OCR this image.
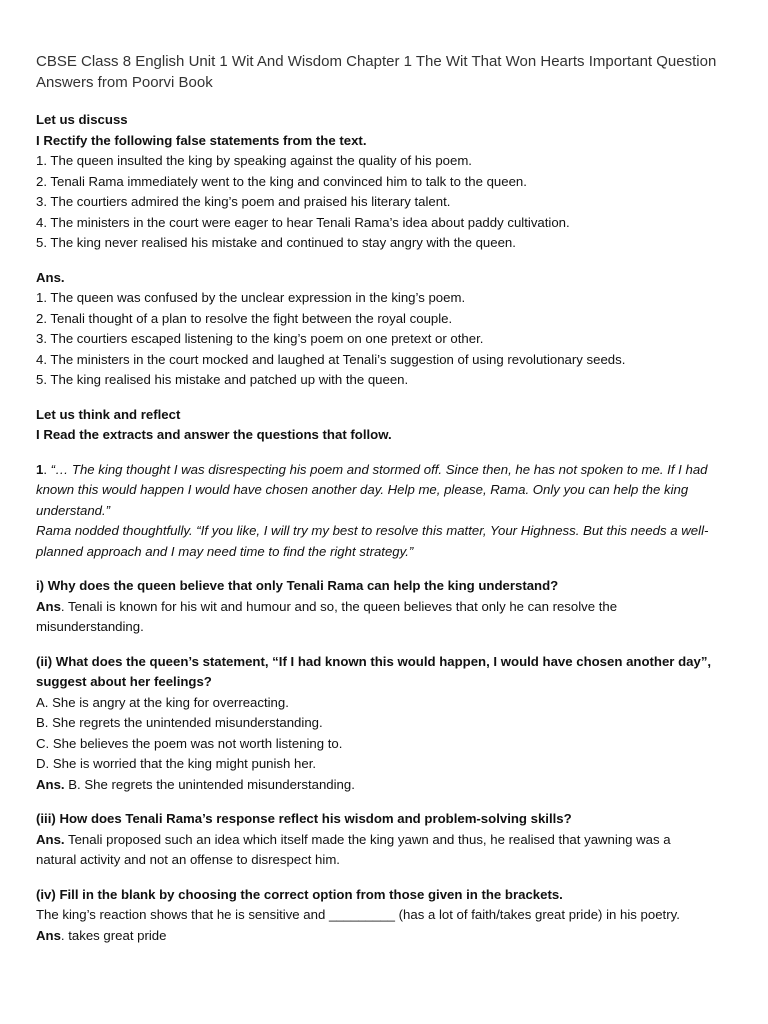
CBSE Class 8 English Unit 1 Wit And Wisdom Chapter 1 The Wit That Won Hearts Important Question Answers from Poorvi Book
Let us discuss
I Rectify the following false statements from the text.
1. The queen insulted the king by speaking against the quality of his poem.
2. Tenali Rama immediately went to the king and convinced him to talk to the queen.
3. The courtiers admired the king’s poem and praised his literary talent.
4. The ministers in the court were eager to hear Tenali Rama’s idea about paddy cultivation.
5. The king never realised his mistake and continued to stay angry with the queen.
Ans.
1. The queen was confused by the unclear expression in the king’s poem.
2. Tenali thought of a plan to resolve the fight between the royal couple.
3. The courtiers escaped listening to the king’s poem on one pretext or other.
4. The ministers in the court mocked and laughed at Tenali’s suggestion of using revolutionary seeds.
5. The king realised his mistake and patched up with the queen.
Let us think and reflect
I Read the extracts and answer the questions that follow.
1. “… The king thought I was disrespecting his poem and stormed off. Since then, he has not spoken to me. If I had
known this would happen I would have chosen another day. Help me, please, Rama. Only you can help the king
understand.”
Rama nodded thoughtfully. “If you like, I will try my best to resolve this matter, Your Highness. But this needs a well-
planned approach and I may need time to find the right strategy.”
i) Why does the queen believe that only Tenali Rama can help the king understand?
Ans. Tenali is known for his wit and humour and so, the queen believes that only he can resolve the
misunderstanding.
(ii) What does the queen’s statement, “If I had known this would happen, I would have chosen another day”,
suggest about her feelings?
A. She is angry at the king for overreacting.
B. She regrets the unintended misunderstanding.
C. She believes the poem was not worth listening to.
D. She is worried that the king might punish her.
Ans. B. She regrets the unintended misunderstanding.
(iii) How does Tenali Rama’s response reflect his wisdom and problem-solving skills?
Ans. Tenali proposed such an idea which itself made the king yawn and thus, he realised that yawning was a
natural activity and not an offense to disrespect him.
(iv) Fill in the blank by choosing the correct option from those given in the brackets.
The king’s reaction shows that he is sensitive and _________ (has a lot of faith/takes great pride) in his poetry.
Ans. takes great pride
